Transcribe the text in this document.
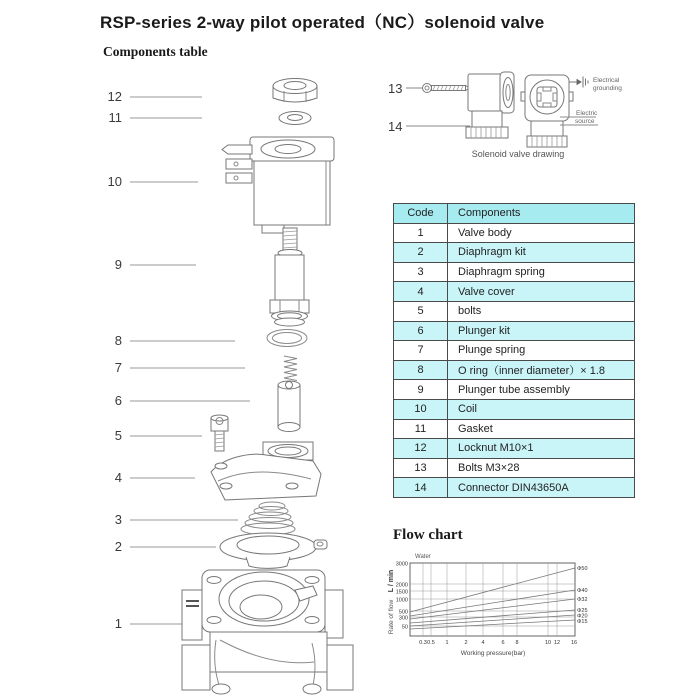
RSP-series 2-way pilot operated（NC）solenoid valve
Components table
12
11
10
9
8
7
6
5
4
3
2
1
13
14
Electrical
grounding
Electric
source
Solenoid valve drawing
Code	Components
1	Valve body
2	Diaphragm kit
3	Diaphragm spring
4	Valve cover
5	bolts
6	Plunger kit
7	Plunge spring
8	O ring（inner diameter）× 1.8
9	Plunger tube assembly
10	Coil
11	Gasket
12	Locknut M10×1
13	Bolts M3×28
14	Connector DIN43650A
Flow chart
Water
3000
2000
1500
1000
500
300
50
0.3 0.5 1	2	4	6 8	10 12 16
Φ50
Φ40
Φ32
Φ25
Φ20
Φ15
Working pressure(bar)
Rate of flow
L / min
